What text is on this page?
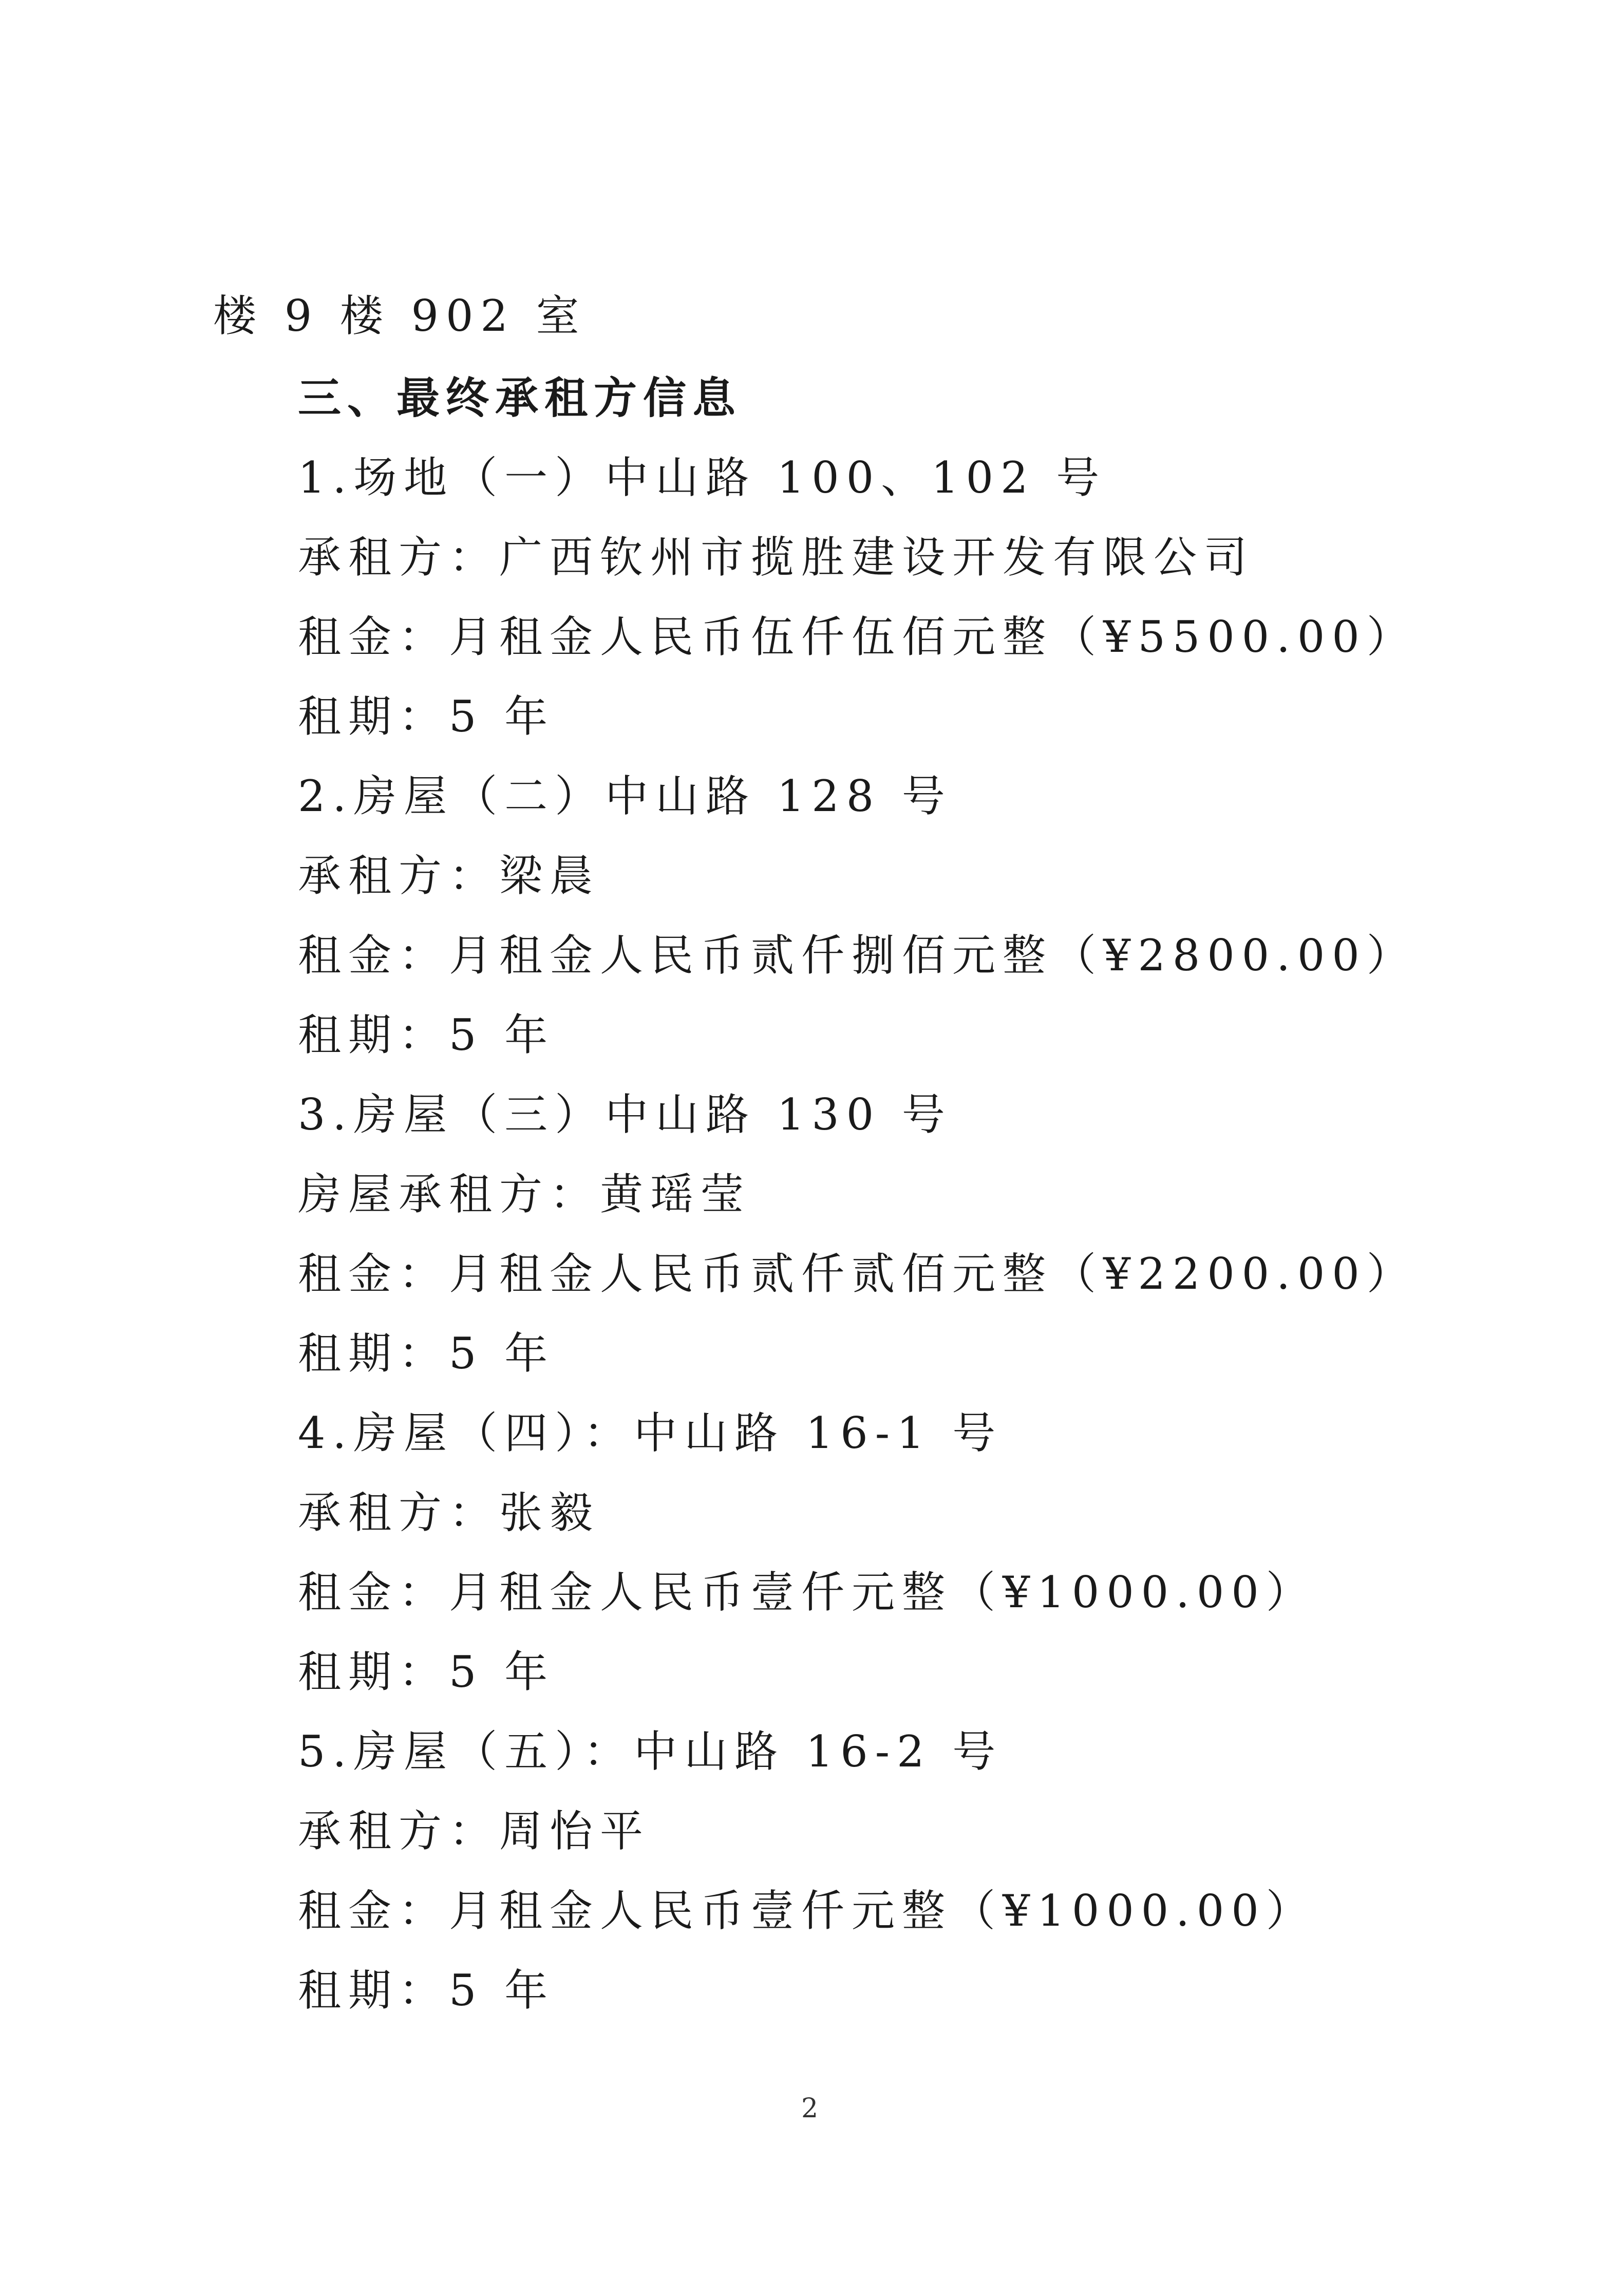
楼 9 楼 902 室
三、最终承租方信息
1.场地（一）中山路 100、102 号
承租方：广西钦州市揽胜建设开发有限公司
租金：月租金人民币伍仟伍佰元整（¥5500.00）
租期：5 年
2.房屋（二）中山路 128 号
承租方：梁晨
租金：月租金人民币贰仟捌佰元整（¥2800.00）
租期：5 年
3.房屋（三）中山路 130 号
房屋承租方：黄瑶莹
租金：月租金人民币贰仟贰佰元整（¥2200.00）
租期：5 年
4.房屋（四）：中山路 16-1 号
承租方：张毅
租金：月租金人民币壹仟元整（¥1000.00）
租期：5 年
5.房屋（五）：中山路 16-2 号
承租方：周怡平
租金：月租金人民币壹仟元整（¥1000.00）
租期：5 年
2
